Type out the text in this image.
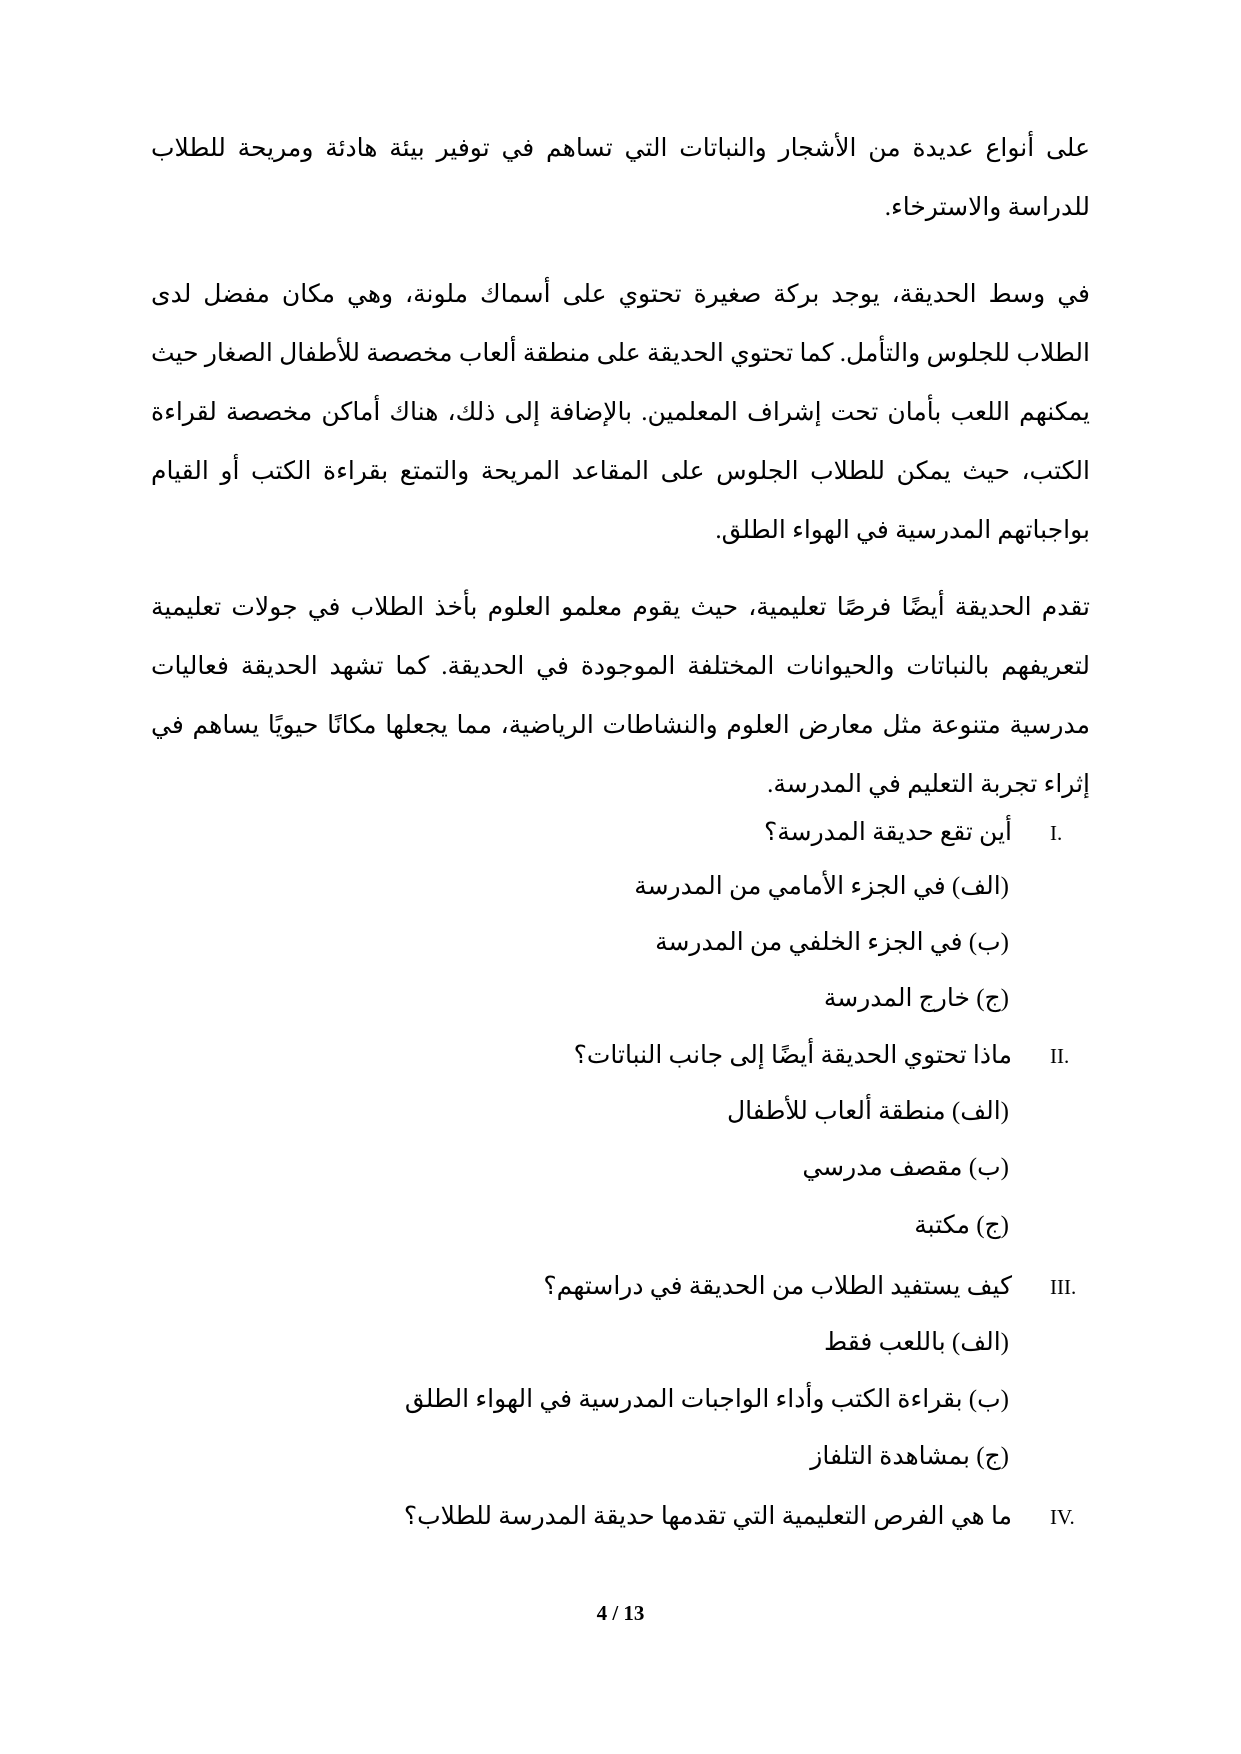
على أنواع عديدة من الأشجار والنباتات التي تساهم في توفير بيئة هادئة ومريحة للطلاب للدراسة والاسترخاء.

في وسط الحديقة، يوجد بركة صغيرة تحتوي على أسماك ملونة، وهي مكان مفضل لدى الطلاب للجلوس والتأمل. كما تحتوي الحديقة على منطقة ألعاب مخصصة للأطفال الصغار حيث يمكنهم اللعب بأمان تحت إشراف المعلمين. بالإضافة إلى ذلك، هناك أماكن مخصصة لقراءة الكتب، حيث يمكن للطلاب الجلوس على المقاعد المريحة والتمتع بقراءة الكتب أو القيام بواجباتهم المدرسية في الهواء الطلق.

تقدم الحديقة أيضًا فرصًا تعليمية، حيث يقوم معلمو العلوم بأخذ الطلاب في جولات تعليمية لتعريفهم بالنباتات والحيوانات المختلفة الموجودة في الحديقة. كما تشهد الحديقة فعاليات مدرسية متنوعة مثل معارض العلوم والنشاطات الرياضية، مما يجعلها مكانًا حيويًا يساهم في إثراء تجربة التعليم في المدرسة.

I.
أين تقع حديقة المدرسة؟
(الف) في الجزء الأمامي من المدرسة
(ب) في الجزء الخلفي من المدرسة
(ج) خارج المدرسة
II.
ماذا تحتوي الحديقة أيضًا إلى جانب النباتات؟
(الف) منطقة ألعاب للأطفال
(ب) مقصف مدرسي
(ج) مكتبة
III.
كيف يستفيد الطلاب من الحديقة في دراستهم؟
(الف) باللعب فقط
(ب) بقراءة الكتب وأداء الواجبات المدرسية في الهواء الطلق
(ج) بمشاهدة التلفاز
IV.
ما هي الفرص التعليمية التي تقدمها حديقة المدرسة للطلاب؟
4 / 13
